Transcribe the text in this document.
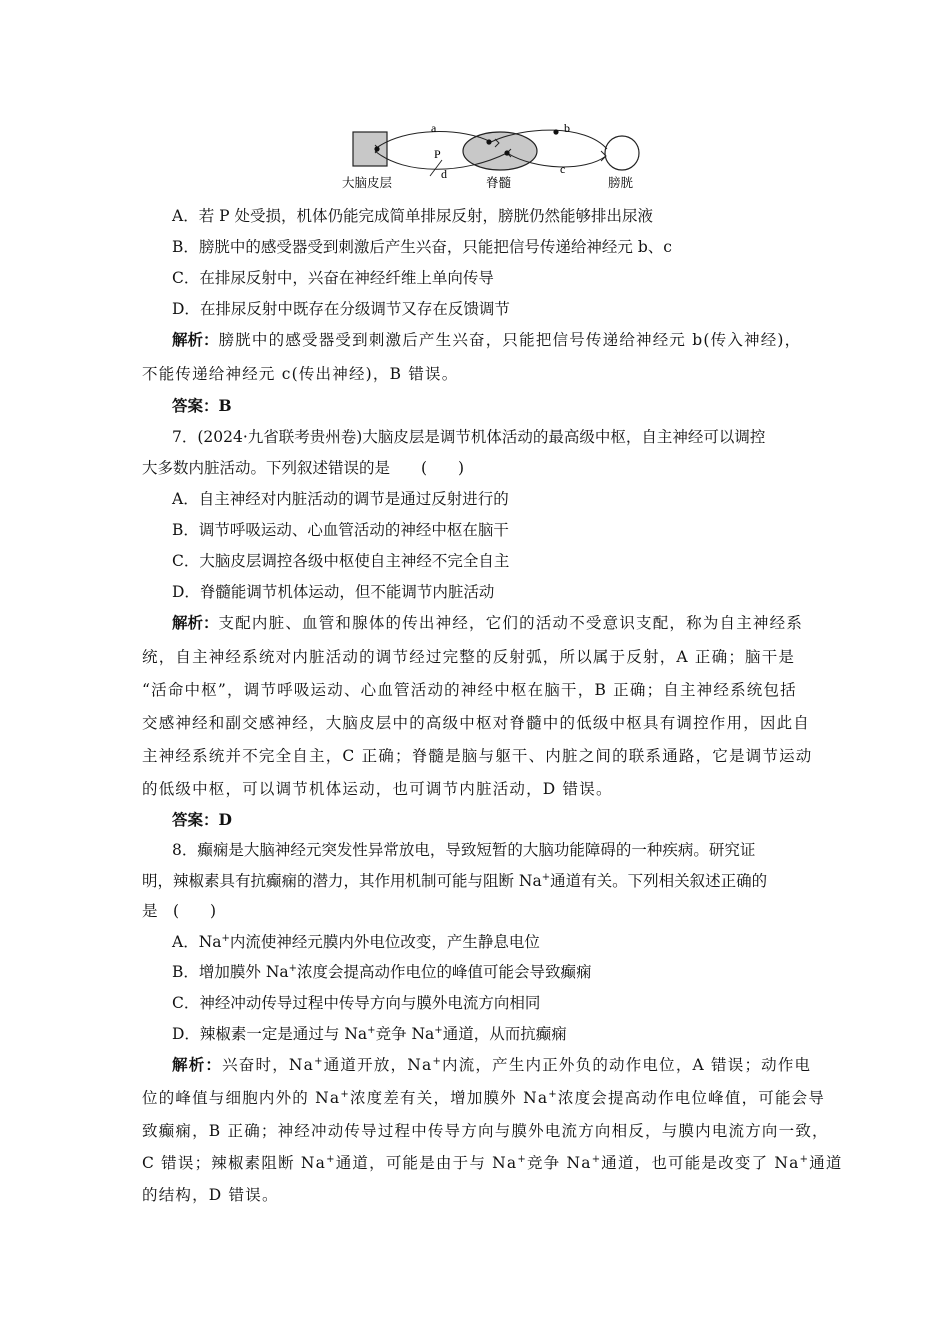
a
P
d
b
c
大脑皮层	脊髓	膀胱
A．若 P 处受损，机体仍能完成简单排尿反射，膀胱仍然能够排出尿液
B．膀胱中的感受器受到刺激后产生兴奋，只能把信号传递给神经元 b、c
C．在排尿反射中，兴奋在神经纤维上单向传导
D．在排尿反射中既存在分级调节又存在反馈调节
解析：膀胱中的感受器受到刺激后产生兴奋，只能把信号传递给神经元 b(传入神经)，
不能传递给神经元 c(传出神经)，B 错误。
答案：B
7．(2024·九省联考贵州卷)大脑皮层是调节机体活动的最高级中枢，自主神经可以调控
大多数内脏活动。下列叙述错误的是　　(　　)
A．自主神经对内脏活动的调节是通过反射进行的
B．调节呼吸运动、心血管活动的神经中枢在脑干
C．大脑皮层调控各级中枢使自主神经不完全自主
D．脊髓能调节机体运动，但不能调节内脏活动
解析：支配内脏、血管和腺体的传出神经，它们的活动不受意识支配，称为自主神经系
统，自主神经系统对内脏活动的调节经过完整的反射弧，所以属于反射，A 正确；脑干是
“活命中枢”，调节呼吸运动、心血管活动的神经中枢在脑干，B 正确；自主神经系统包括
交感神经和副交感神经，大脑皮层中的高级中枢对脊髓中的低级中枢具有调控作用，因此自
主神经系统并不完全自主，C 正确；脊髓是脑与躯干、内脏之间的联系通路，它是调节运动
的低级中枢，可以调节机体运动，也可调节内脏活动，D 错误。
答案：D
8．癫痫是大脑神经元突发性异常放电，导致短暂的大脑功能障碍的一种疾病。研究证
明，辣椒素具有抗癫痫的潜力，其作用机制可能与阻断 Na+通道有关。下列相关叙述正确的
是　(　　)
A．Na+内流使神经元膜内外电位改变，产生静息电位
B．增加膜外 Na+浓度会提高动作电位的峰值可能会导致癫痫
C．神经冲动传导过程中传导方向与膜外电流方向相同
D．辣椒素一定是通过与 Na+竞争 Na+通道，从而抗癫痫
解析：兴奋时，Na+通道开放，Na+内流，产生内正外负的动作电位，A 错误；动作电
位的峰值与细胞内外的 Na+浓度差有关，增加膜外 Na+浓度会提高动作电位峰值，可能会导
致癫痫，B 正确；神经冲动传导过程中传导方向与膜外电流方向相反，与膜内电流方向一致，
C 错误；辣椒素阻断 Na+通道，可能是由于与 Na+竞争 Na+通道，也可能是改变了 Na+通道
的结构，D 错误。
